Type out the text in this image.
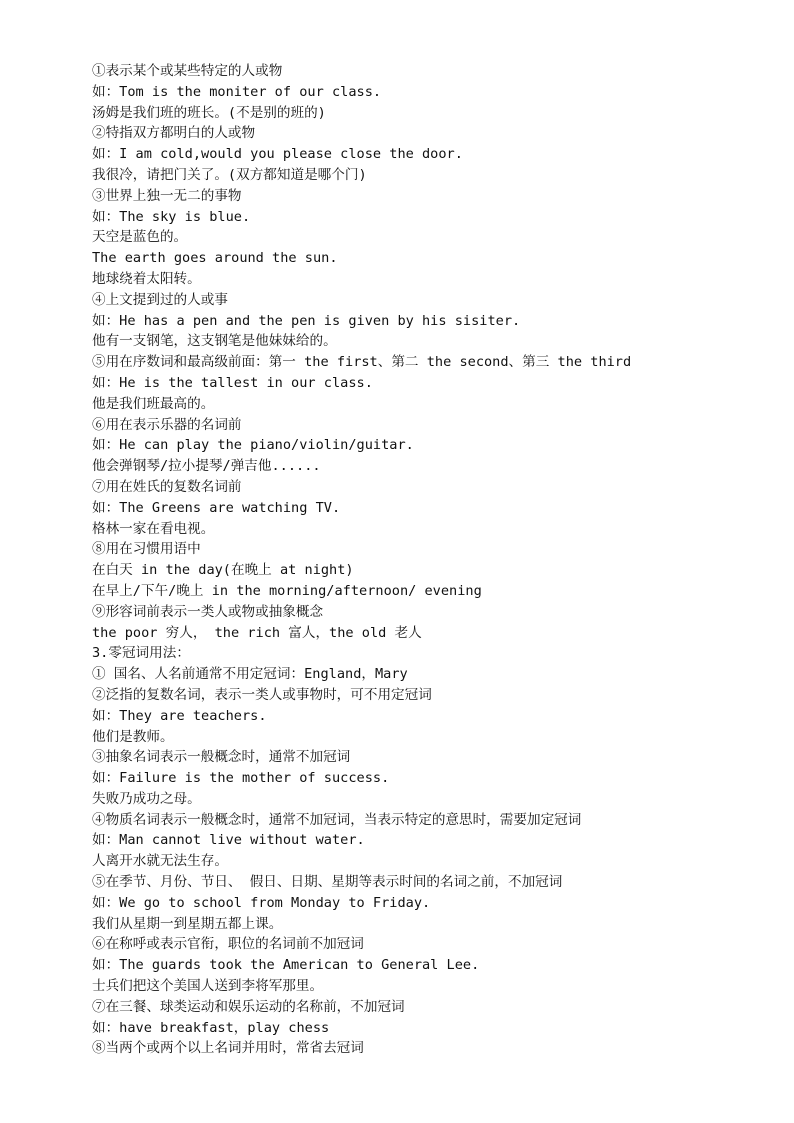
①表示某个或某些特定的人或物
如：Tom is the moniter of our class.
汤姆是我们班的班长。(不是别的班的)
②特指双方都明白的人或物
如：I am cold,would you please close the door.
我很冷，请把门关了。(双方都知道是哪个门)
③世界上独一无二的事物
如：The sky is blue.
天空是蓝色的。
The earth goes around the sun.
地球绕着太阳转。
④上文提到过的人或事
如：He has a pen and the pen is given by his sisiter.
他有一支钢笔，这支钢笔是他妹妹给的。
⑤用在序数词和最高级前面：第一 the first、第二 the second、第三 the third
如：He is the tallest in our class.
他是我们班最高的。
⑥用在表示乐器的名词前
如：He can play the piano/violin/guitar.
他会弹钢琴/拉小提琴/弹吉他......
⑦用在姓氏的复数名词前
如：The Greens are watching TV.
格林一家在看电视。
⑧用在习惯用语中
在白天 in the day(在晚上 at night)
在早上/下午/晚上 in the morning/afternoon/ evening
⑨形容词前表示一类人或物或抽象概念
the poor 穷人， the rich 富人，the old 老人
3.零冠词用法：
① 国名、人名前通常不用定冠词：England，Mary
②泛指的复数名词，表示一类人或事物时，可不用定冠词
如：They are teachers.
他们是教师。
③抽象名词表示一般概念时，通常不加冠词
如：Failure is the mother of success.
失败乃成功之母。
④物质名词表示一般概念时，通常不加冠词，当表示特定的意思时，需要加定冠词
如：Man cannot live without water.
人离开水就无法生存。
⑤在季节、月份、节日、 假日、日期、星期等表示时间的名词之前，不加冠词
如：We go to school from Monday to Friday.
我们从星期一到星期五都上课。
⑥在称呼或表示官衔，职位的名词前不加冠词
如：The guards took the American to General Lee.
士兵们把这个美国人送到李将军那里。
⑦在三餐、球类运动和娱乐运动的名称前，不加冠词
如：have breakfast，play chess
⑧当两个或两个以上名词并用时，常省去冠词
